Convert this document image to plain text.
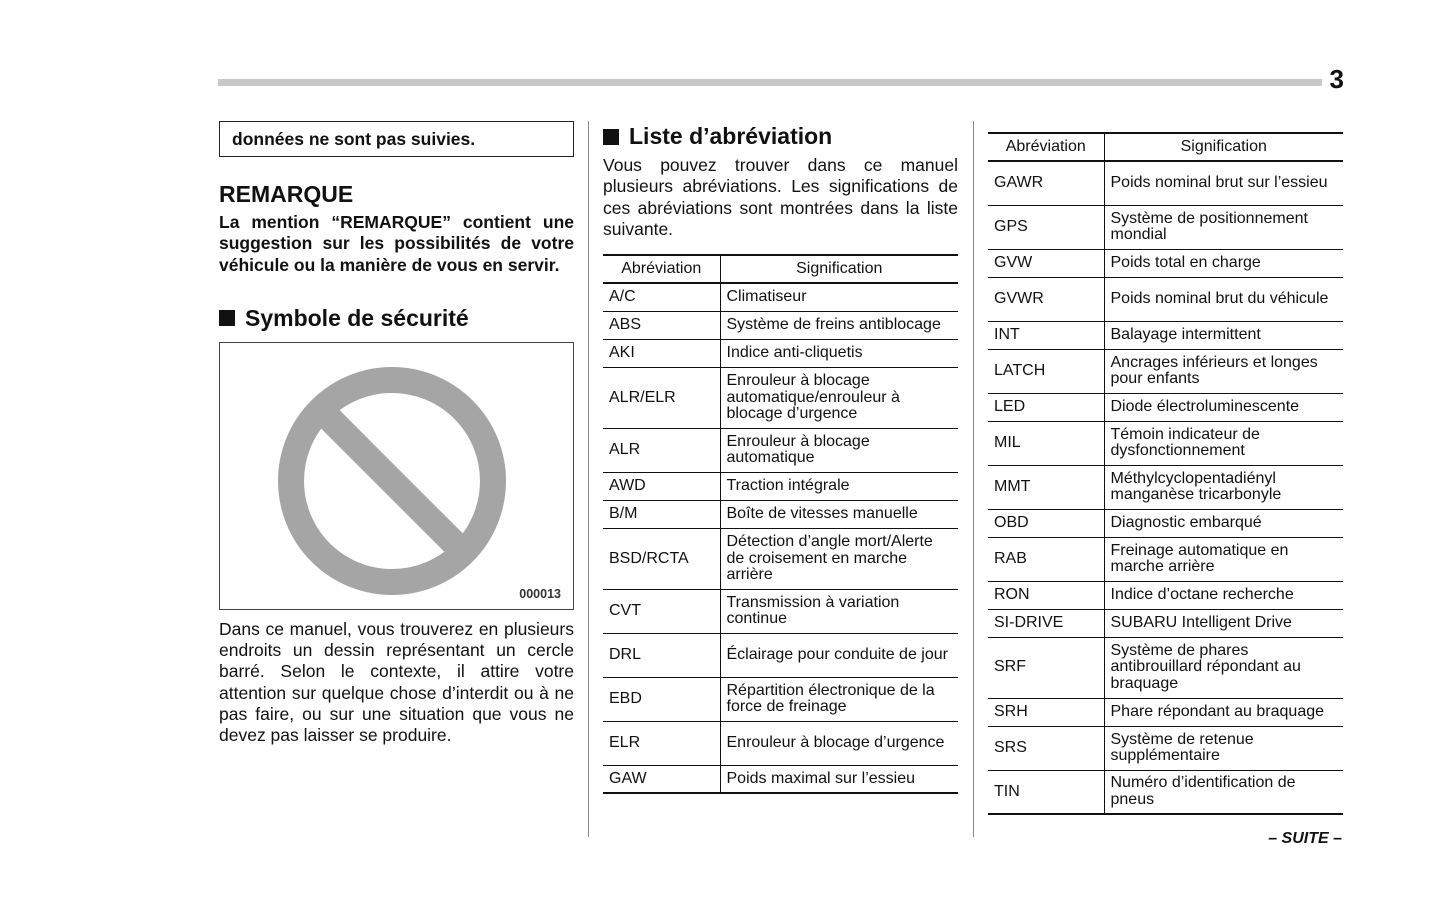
3
données ne sont pas suivies.
REMARQUE
La mention “REMARQUE” contient une suggestion sur les possibilités de votre véhicule ou la manière de vous en servir.
Symbole de sécurité
000013
Dans ce manuel, vous trouverez en plusieurs endroits un dessin représentant un cercle barré. Selon le contexte, il attire votre attention sur quelque chose d’interdit ou à ne pas faire, ou sur une situation que vous ne devez pas laisser se produire.
Liste d’abréviation
Vous pouvez trouver dans ce manuel plusieurs abréviations. Les significations de ces abréviations sont montrées dans la liste suivante.
Abréviation	Signification
A/C	Climatiseur
ABS	Système de freins antiblocage
AKI	Indice anti-cliquetis
ALR/ELR	Enrouleur à blocage automatique/enrouleur à blocage d’urgence
ALR	Enrouleur à blocage automatique
AWD	Traction intégrale
B/M	Boîte de vitesses manuelle
BSD/RCTA	Détection d’angle mort/Alerte de croisement en marche arrière
CVT	Transmission à variation continue
DRL	Éclairage pour conduite de jour
EBD	Répartition électronique de la force de freinage
ELR	Enrouleur à blocage d’urgence
GAW	Poids maximal sur l’essieu
Abréviation	Signification
GAWR	Poids nominal brut sur l’essieu
GPS	Système de positionnement mondial
GVW	Poids total en charge
GVWR	Poids nominal brut du véhicule
INT	Balayage intermittent
LATCH	Ancrages inférieurs et longes pour enfants
LED	Diode électroluminescente
MIL	Témoin indicateur de dysfonctionnement
MMT	Méthylcyclopentadiényl manganèse tricarbonyle
OBD	Diagnostic embarqué
RAB	Freinage automatique en marche arrière
RON	Indice d’octane recherche
SI-DRIVE	SUBARU Intelligent Drive
SRF	Système de phares antibrouillard répondant au braquage
SRH	Phare répondant au braquage
SRS	Système de retenue supplémentaire
TIN	Numéro d’identification de pneus
– SUITE –
